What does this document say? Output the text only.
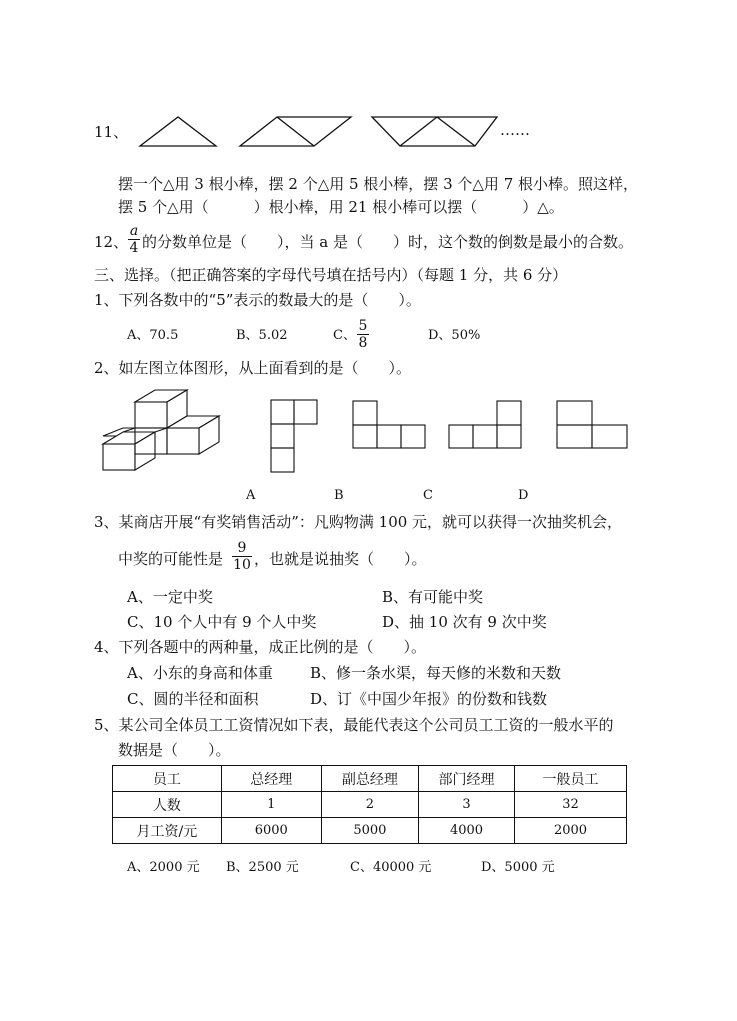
11、	……
摆一个△用 3 根小棒，摆 2 个△用 5 根小棒，摆 3 个△用 7 根小棒。照这样，
摆 5 个△用（　　　）根小棒，用 21 根小棒可以摆（　　　）△。
12、 $\frac{a}{4}$ 的分数单位是（　　），当 a 是（　　）时，这个数的倒数是最小的合数。
三、选择。（把正确答案的字母代号填在括号内）（每题 1 分，共 6 分）
1、下列各数中的“5”表示的数最大的是（　　）。
A、70.5	B、5.02	C、 $\frac{5}{8}$	D、50%
2、如左图立体图形，从上面看到的是（　　）。
A	B	C	D
3、某商店开展“有奖销售活动”：凡购物满 100 元，就可以获得一次抽奖机会，
中奖的可能性是 $\frac{9}{10}$ ，也就是说抽奖（　　）。
A、一定中奖	B、有可能中奖
C、10 个人中有 9 个人中奖	D、抽 10 次有 9 次中奖
4、下列各题中的两种量，成正比例的是（　　）。
A、小东的身高和体重 B、修一条水渠，每天修的米数和天数
C、圆的半径和面积	D、订《中国少年报》的份数和钱数
5、某公司全体员工工资情况如下表，最能代表这个公司员工工资的一般水平的
数据是（　　）。
员工	总经理	副总经理	部门经理	一般员工
人数	1	2	3	32
月工资/元	6000	5000	4000	2000
A、2000 元 B、2500 元	C、40000 元	D、5000 元
